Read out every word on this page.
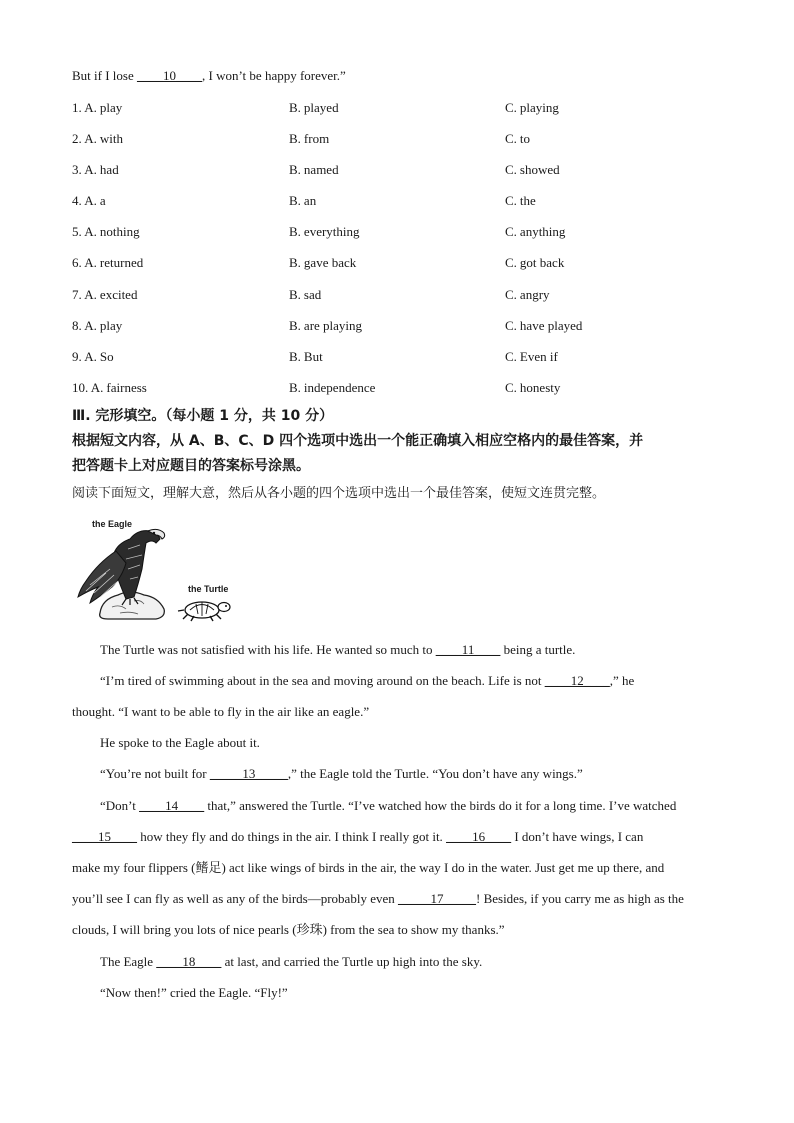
But if I lose ____10____, I won’t be happy forever.”
1. A. play	B. played	C. playing
2. A. with	B. from	C. to
3. A. had	B. named	C. showed
4. A. a	B. an	C. the
5. A. nothing	B. everything	C. anything
6. A. returned	B. gave back	C. got back
7. A. excited	B. sad	C. angry
8. A. play	B. are playing	C. have played
9. A. So	B. But	C. Even if
10. A. fairness	B. independence	C. honesty
Ⅲ. 完形填空。（每小题 1 分，共 10 分）
根据短文内容，从 A、B、C、D 四个选项中选出一个能正确填入相应空格内的最佳答案，并
把答题卡上对应题目的答案标号涂黑。
阅读下面短文，理解大意，然后从各小题的四个选项中选出一个最佳答案，使短文连贯完整。
the Eagle
the Turtle
The Turtle was not satisfied with his life. He wanted so much to ____11____ being a turtle.
“I’m tired of swimming about in the sea and moving around on the beach. Life is not ____12____,” he
thought. “I want to be able to fly in the air like an eagle.”
He spoke to the Eagle about it.
“You’re not built for _____13_____,” the Eagle told the Turtle. “You don’t have any wings.”
“Don’t ____14____ that,” answered the Turtle. “I’ve watched how the birds do it for a long time. I’ve watched
____15____ how they fly and do things in the air. I think I really got it. ____16____ I don’t have wings, I can
make my four flippers (鳍足) act like wings of birds in the air, the way I do in the water. Just get me up there, and
you’ll see I can fly as well as any of the birds—probably even _____17_____! Besides, if you carry me as high as the
clouds, I will bring you lots of nice pearls (珍珠) from the sea to show my thanks.”
The Eagle ____18____ at last, and carried the Turtle up high into the sky.
“Now then!” cried the Eagle. “Fly!”
